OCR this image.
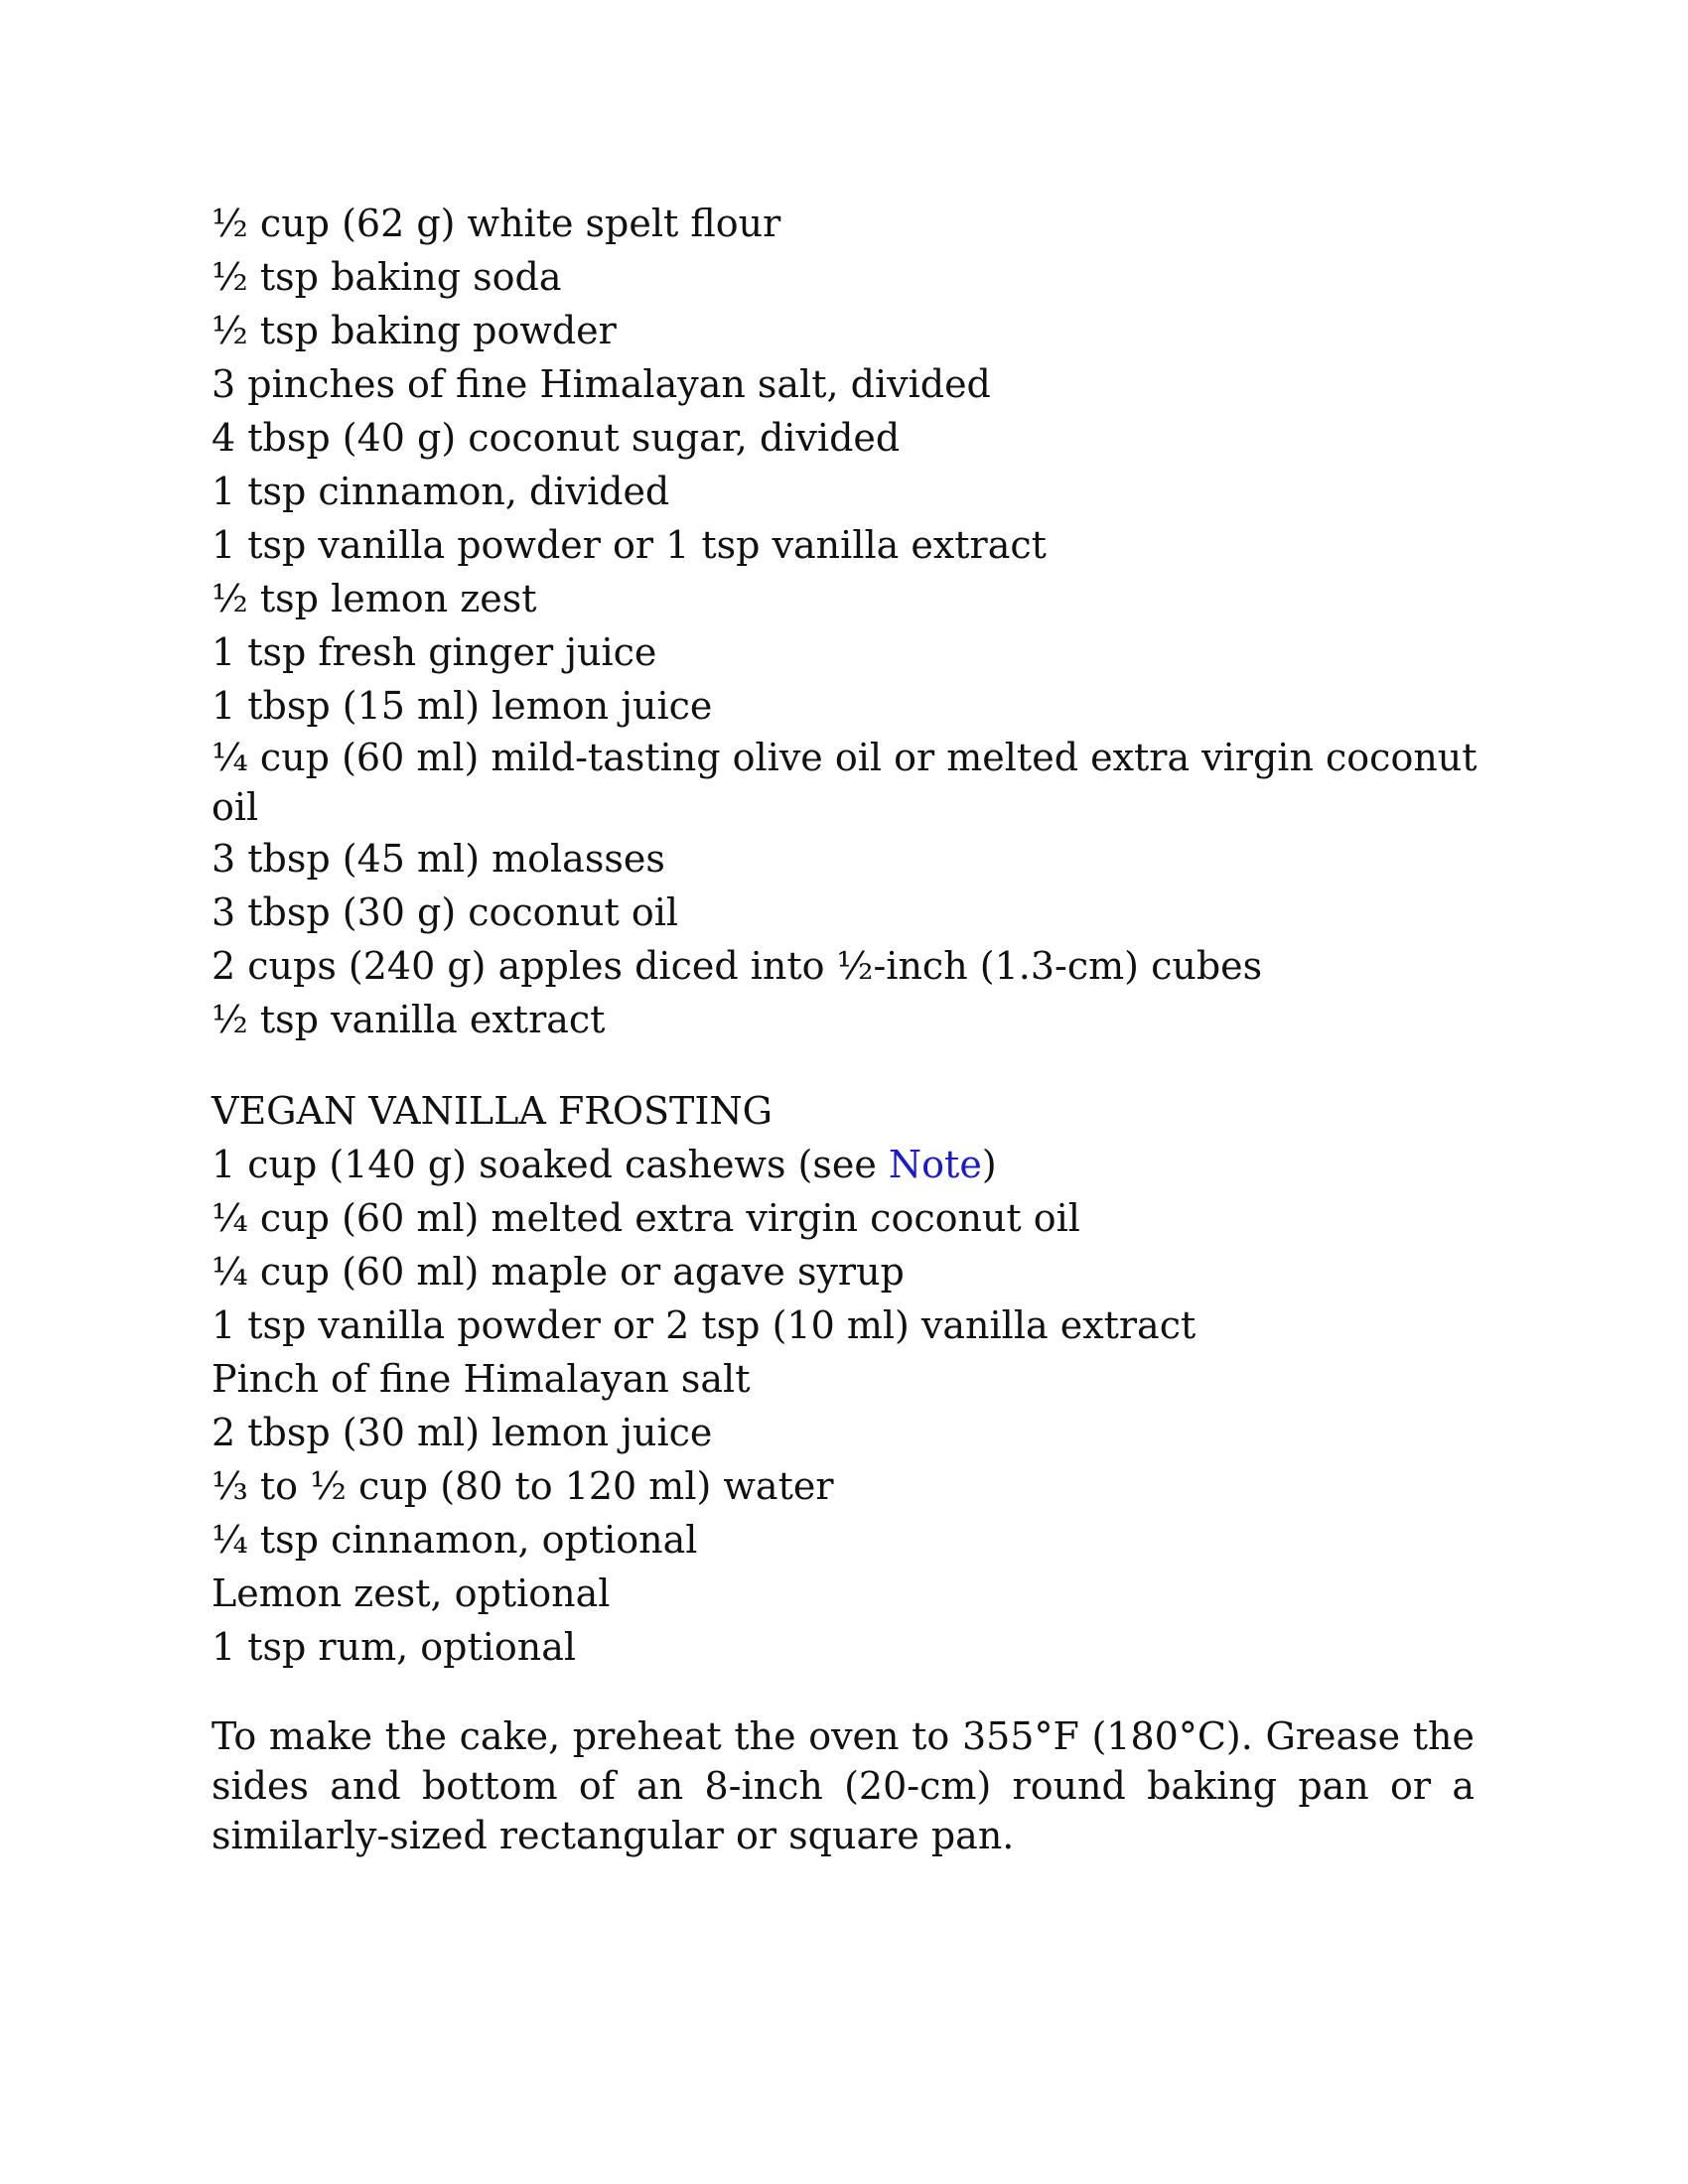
½ cup (62 g) white spelt flour
½ tsp baking soda
½ tsp baking powder
3 pinches of fine Himalayan salt, divided
4 tbsp (40 g) coconut sugar, divided
1 tsp cinnamon, divided
1 tsp vanilla powder or 1 tsp vanilla extract
½ tsp lemon zest
1 tsp fresh ginger juice
1 tbsp (15 ml) lemon juice
¼ cup (60 ml) mild-tasting olive oil or melted extra virgin coconut
oil
3 tbsp (45 ml) molasses
3 tbsp (30 g) coconut oil
2 cups (240 g) apples diced into ½-inch (1.3-cm) cubes
½ tsp vanilla extract
VEGAN VANILLA FROSTING
1 cup (140 g) soaked cashews (see Note)
¼ cup (60 ml) melted extra virgin coconut oil
¼ cup (60 ml) maple or agave syrup
1 tsp vanilla powder or 2 tsp (10 ml) vanilla extract
Pinch of fine Himalayan salt
2 tbsp (30 ml) lemon juice
⅓ to ½ cup (80 to 120 ml) water
¼ tsp cinnamon, optional
Lemon zest, optional
1 tsp rum, optional
To make the cake, preheat the oven to 355°F (180°C). Grease the
sides and bottom of an 8-inch (20-cm) round baking pan or a
similarly-sized rectangular or square pan.
